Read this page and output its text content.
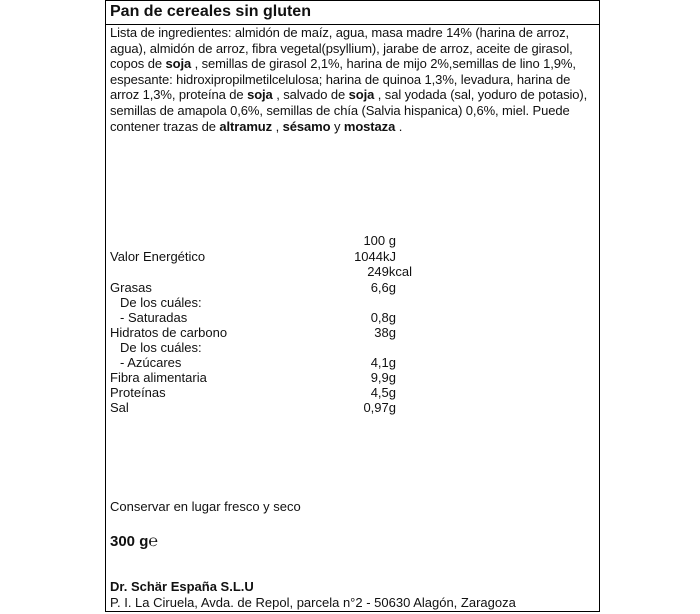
Pan de cereales sin gluten

Lista de ingredientes: almidón de maíz, agua, masa madre 14% (harina de arroz, agua), almidón de arroz, fibra vegetal(psyllium), jarabe de arroz, aceite de girasol, copos de soja , semillas de girasol 2,1%, harina de mijo 2%,semillas de lino 1,9%, espesante: hidroxipropilmetilcelulosa; harina de quinoa 1,3%, levadura, harina de arroz 1,3%, proteína de soja , salvado de soja , sal yodada (sal, yoduro de potasio), semillas de amapola 0,6%, semillas de chía (Salvia hispanica) 0,6%, miel. Puede contener trazas de altramuz , sésamo y mostaza .

100 g
Valor Energético	1044kJ
249kcal
Grasas	6,6g
De los cuáles:
- Saturadas	0,8g
Hidratos de carbono	38g
De los cuáles:
- Azúcares	4,1g
Fibra alimentaria	9,9g
Proteínas	4,5g
Sal	0,97g

Conservar en lugar fresco y seco

300 g℮

Dr. Schär España S.L.U

P. I. La Ciruela, Avda. de Repol, parcela n°2 - 50630 Alagón, Zaragoza
